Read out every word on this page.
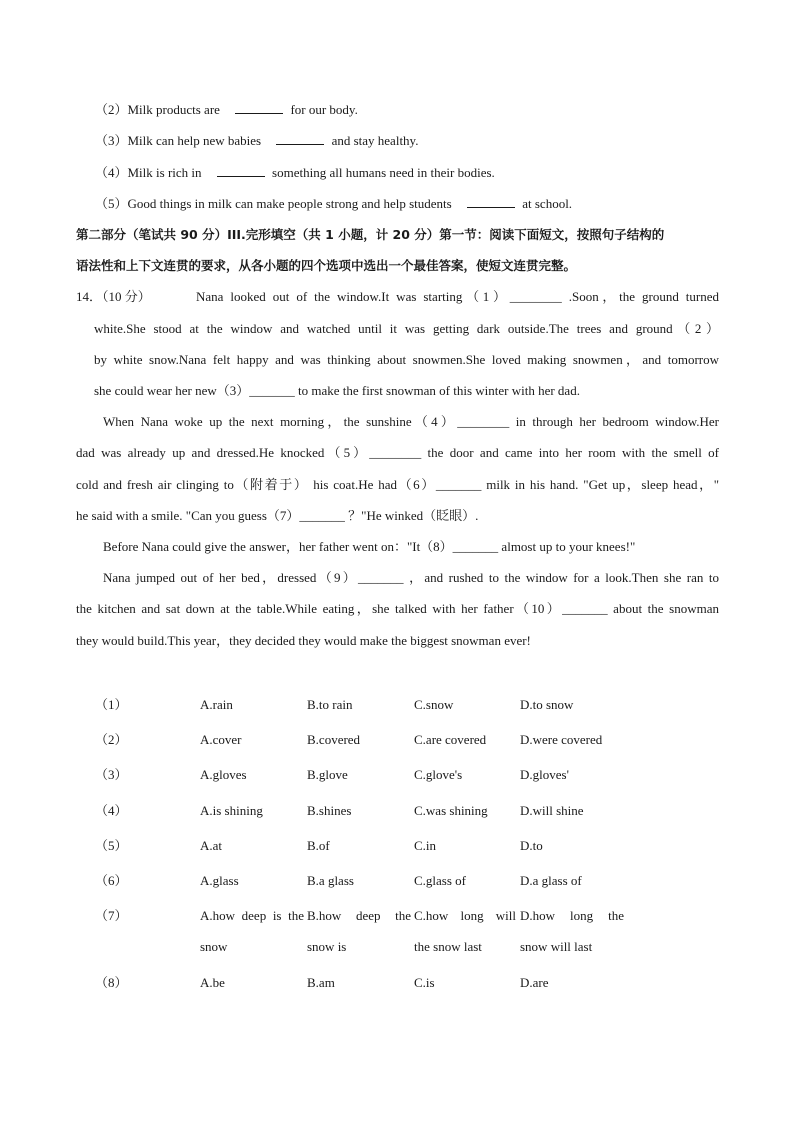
（2）Milk products are	for our body.
（3）Milk can help new babies	and stay healthy.
（4）Milk is rich in	something all humans need in their bodies.
（5）Good things in milk can make people strong and help students	at school.
第二部分（笔试共 90 分）III.完形填空（共 1 小题，计 20 分）第一节：阅读下面短文，按照句子结构的
语法性和上下文连贯的要求，从各小题的四个选项中选出一个最佳答案，使短文连贯完整。
14．（10 分）	Nana looked out of the window.It was starting（1）________ .Soon，the ground turned
white.She stood at the window and watched until it was getting dark outside.The trees and ground（2）
by white snow.Nana felt happy and was thinking about snowmen.She loved making snowmen，and tomorrow
she could wear her new（3）_______ to make the first snowman of this winter with her dad.
When Nana woke up the next morning，the sunshine（4）________ in through her bedroom window.Her
dad was already up and dressed.He knocked（5）________ the door and came into her room with the smell of
cold and fresh air clinging to（附着于） his coat.He had（6）_______ milk in his hand. "Get up，sleep head，"
he said with a smile. "Can you guess（7）_______ ？"He winked（眨眼）.
Before Nana could give the answer，her father went on："It（8）_______ almost up to your knees!"
Nana jumped out of her bed，dressed（9）_______ ，and rushed to the window for a look.Then she ran to
the kitchen and sat down at the table.While eating，she talked with her father（10）_______ about the snowman
they would build.This year，they decided they would make the biggest snowman ever!
（1）	A.rain	B.to rain	C.snow	D.to snow
（2）	A.cover	B.covered	C.are covered	D.were covered
（3）	A.gloves	B.glove	C.glove's	D.gloves'
（4）	A.is shining	B.shines	C.was shining D.will shine
（5）	A.at	B.of	C.in	D.to
（6）	A.glass	B.a glass	C.glass of	D.a glass of
（7）	A.how deep is the snow
B.how deep the snow is
C.how long will the snow last
D.how long the snow will last
（8）	A.be	B.am	C.is	D.are
